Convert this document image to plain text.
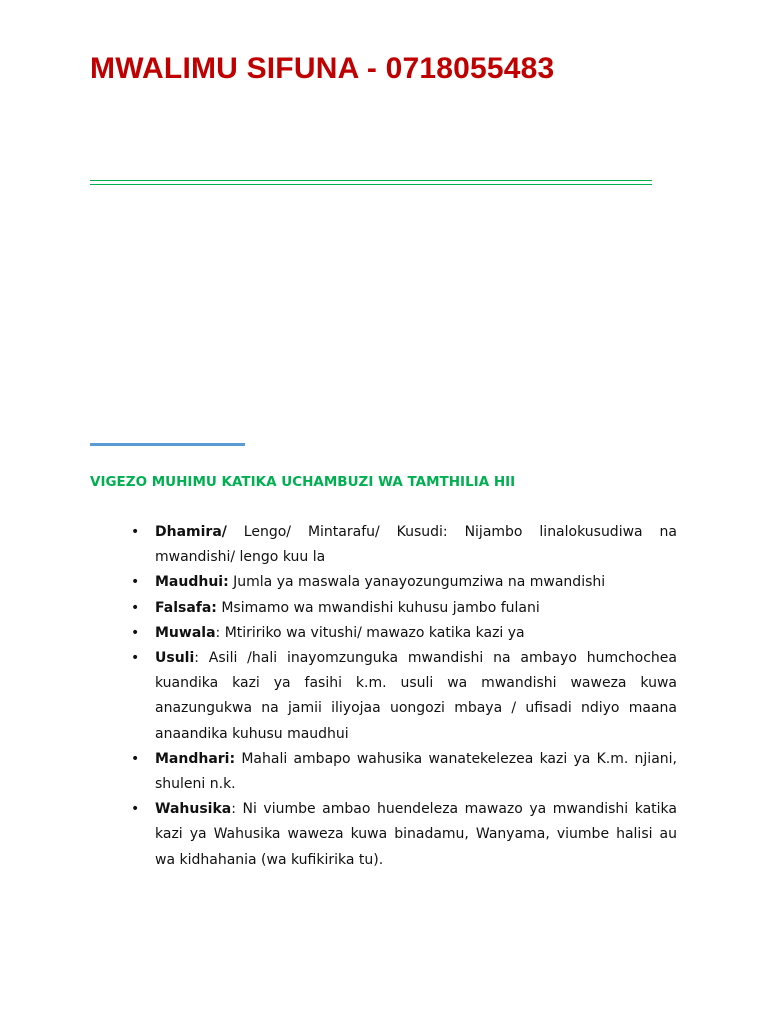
MWALIMU SIFUNA - 0718055483
VIGEZO MUHIMU KATIKA UCHAMBUZI WA TAMTHILIA HII
• Dhamira/ Lengo/ Mintarafu/ Kusudi: Nijambo linalokusudiwa na mwandishi/ lengo kuu la
• Maudhui: Jumla ya maswala yanayozungumziwa na mwandishi
• Falsafa: Msimamo wa mwandishi kuhusu jambo fulani
• Muwala: Mtiririko wa vitushi/ mawazo katika kazi ya
• Usuli: Asili /hali inayomzunguka mwandishi na ambayo humchochea kuandika kazi ya fasihi k.m. usuli wa mwandishi waweza kuwa anazungukwa na jamii iliyojaa uongozi mbaya / ufisadi ndiyo maana anaandika kuhusu maudhui
• Mandhari: Mahali ambapo wahusika wanatekelezea kazi ya K.m. njiani, shuleni n.k.
• Wahusika: Ni viumbe ambao huendeleza mawazo ya mwandishi katika kazi ya Wahusika waweza kuwa binadamu, Wanyama, viumbe halisi au wa kidhahania (wa kufikirika tu).
